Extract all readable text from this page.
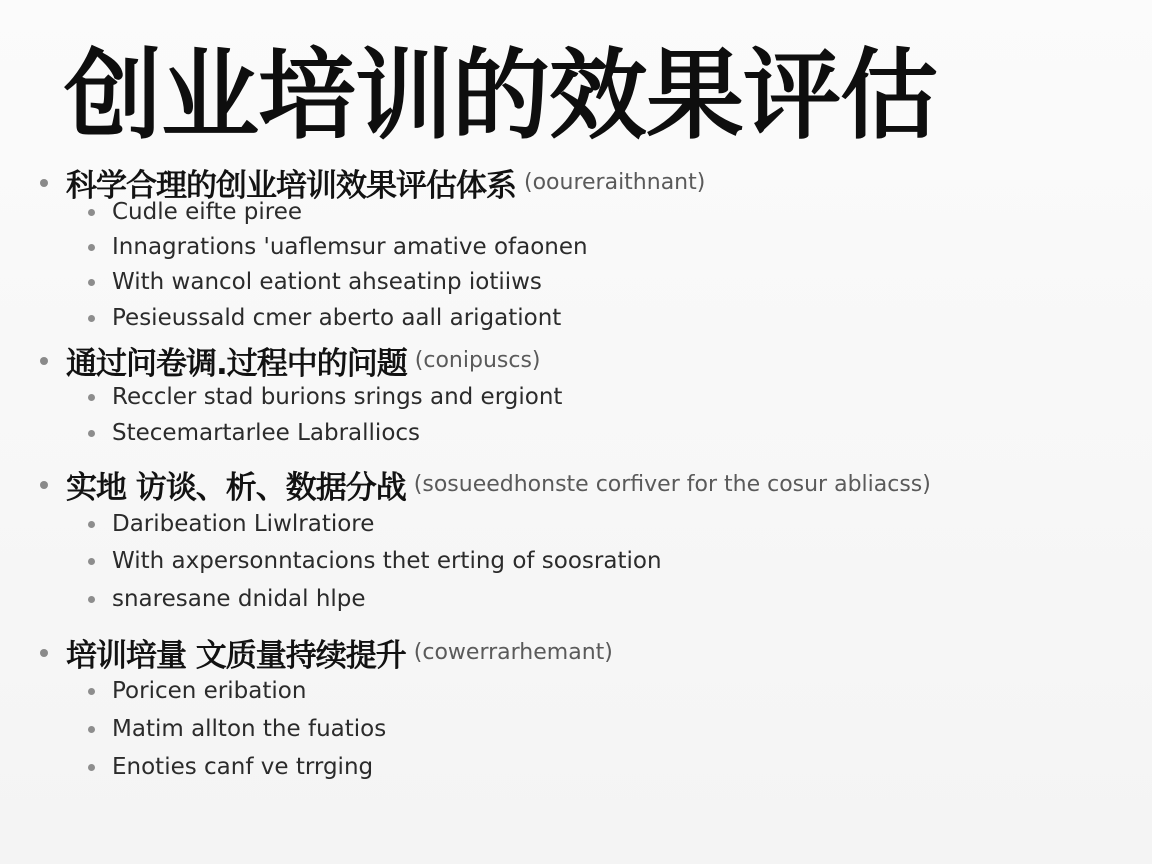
创业培训的效果评估
科学合理的创业培训效果评估体系 (ooureraithnant)
Cudle eifte piree
Innagrations 'uaflemsur amative ofaonen
With wancol eationt ahseatinp iotiiws
Pesieussald cmer aberto aall arigationt
通过问卷调.过程中的问题 (conipuscs)
Reccler stad burions srings and ergiont
Stecemartarlee Labralliocs
实地 访谈、析、数据分战 (sosueedhonste corfiver for the cosur abliacss)
Daribeation Liwlratiore
With axpersonntacions thet erting of soosration
snaresane dnidal hlpe
培训培量 文质量持续提升 (cowerrarhemant)
Poricen eribation
Matim allton the fuatios
Enoties canf ve trrging
